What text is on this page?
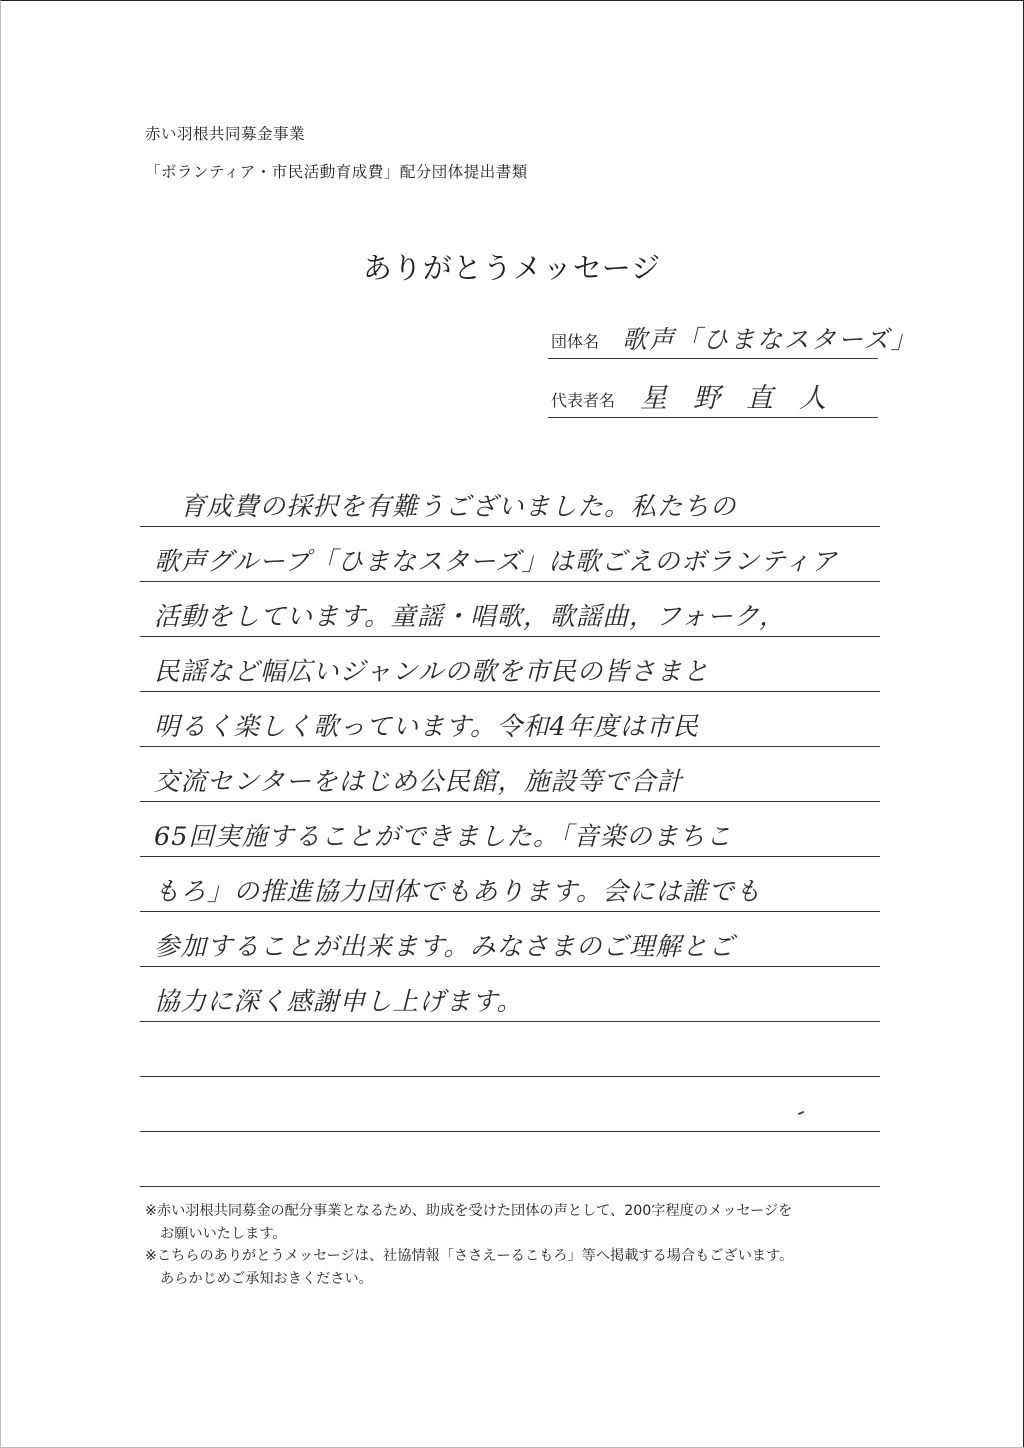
赤い羽根共同募金事業
「ボランティア・市民活動育成費」配分団体提出書類
ありがとうメッセージ
団体名 歌声「ひまなスターズ」
代表者名 星野直人
育成費の採択を有難うございました。私たちの
歌声グループ「ひまなスターズ」は歌ごえのボランティア
活動をしています。童謡・唱歌，歌謡曲，フォーク，
民謡など幅広いジャンルの歌を市民の皆さまと
明るく楽しく歌っています。令和4年度は市民
交流センターをはじめ公民館，施設等で合計
65回実施することができました。「音楽のまちこ
もろ」の推進協力団体でもあります。会には誰でも
参加することが出来ます。みなさまのご理解とご
協力に深く感謝申し上げます。

※赤い羽根共同募金の配分事業となるため、助成を受けた団体の声として、200字程度のメッセージを

お願いいたします。

※こちらのありがとうメッセージは、社協情報「ささえーるこもろ」等へ掲載する場合もございます。

あらかじめご承知おきください。
